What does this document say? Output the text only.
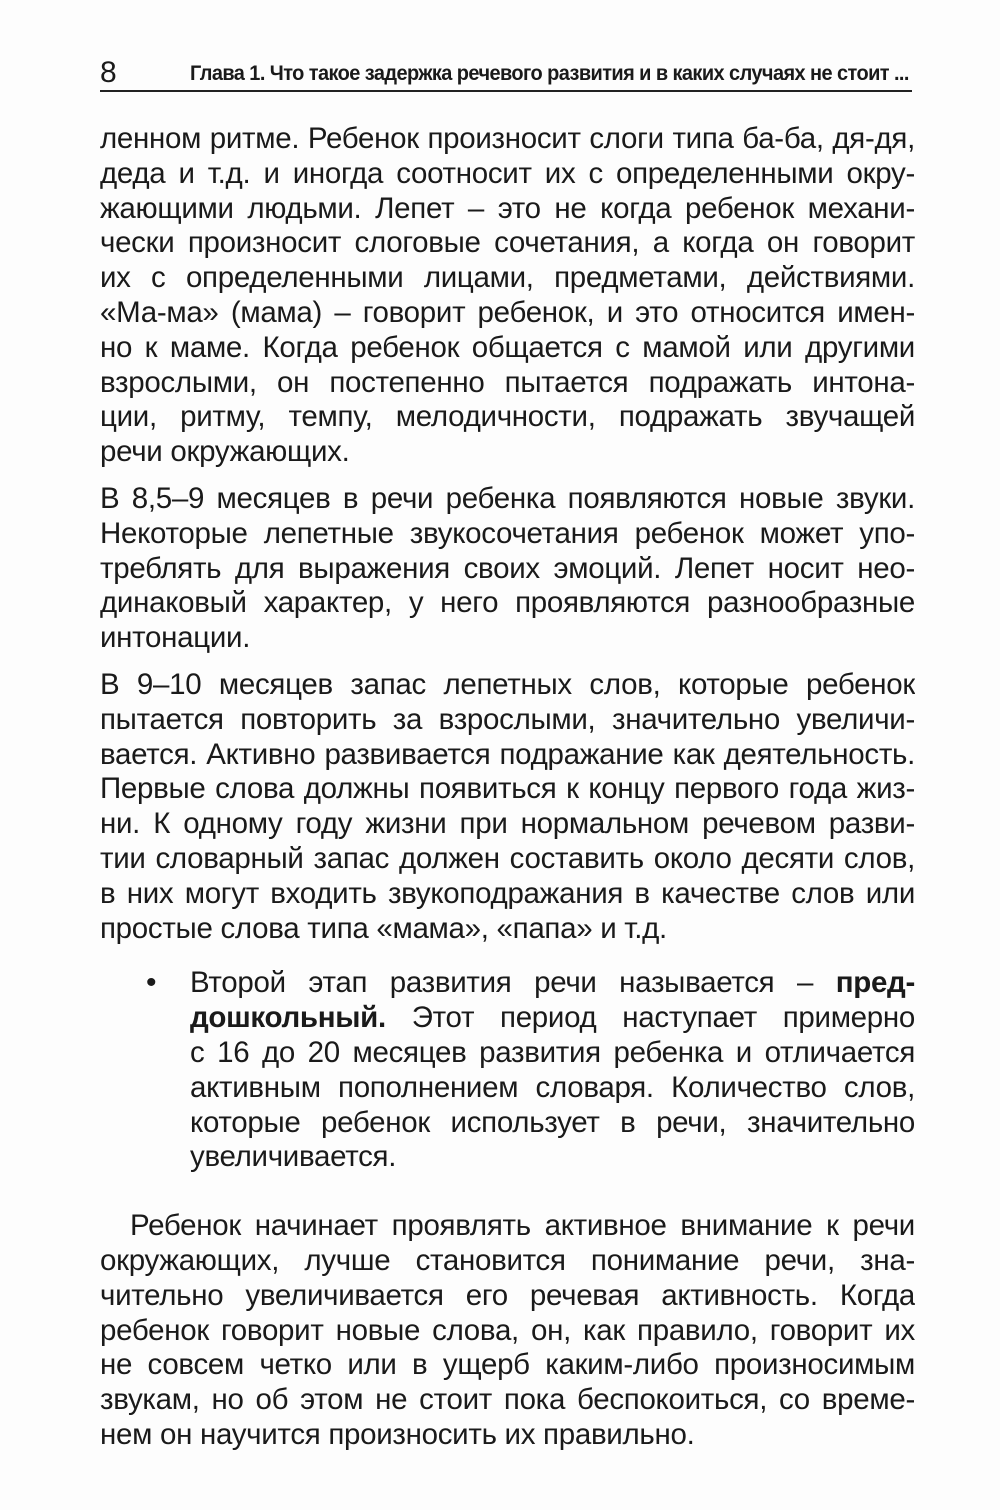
8	Глава 1. Что такое задержка речевого развития и в каких случаях не стоит ...
ленном ритме. Ребенок произносит слоги типа ба-ба, дя-дя,
деда и т.д. и иногда соотносит их с определенными окру-
жающими людьми. Лепет – это не когда ребенок механи-
чески произносит слоговые сочетания, а когда он говорит
их с определенными лицами, предметами, действиями.
«Ма-ма» (мама) – говорит ребенок, и это относится имен-
но к маме. Когда ребенок общается с мамой или другими
взрослыми, он постепенно пытается подражать интона-
ции, ритму, темпу, мелодичности, подражать звучащей
речи окружающих.
В 8,5–9 месяцев в речи ребенка появляются новые звуки.
Некоторые лепетные звукосочетания ребенок может упо-
треблять для выражения своих эмоций. Лепет носит нео-
динаковый характер, у него проявляются разнообразные
интонации.
В 9–10 месяцев запас лепетных слов, которые ребенок
пытается повторить за взрослыми, значительно увеличи-
вается. Активно развивается подражание как деятельность.
Первые слова должны появиться к концу первого года жиз-
ни. К одному году жизни при нормальном речевом разви-
тии словарный запас должен составить около десяти слов,
в них могут входить звукоподражания в качестве слов или
простые слова типа «мама», «папа» и т.д.
• Второй этап развития речи называется – пред-
дошкольный. Этот период наступает примерно
с 16 до 20 месяцев развития ребенка и отличается
активным пополнением словаря. Количество слов,
которые ребенок использует в речи, значительно
увеличивается.
Ребенок начинает проявлять активное внимание к речи
окружающих, лучше становится понимание речи, зна-
чительно увеличивается его речевая активность. Когда
ребенок говорит новые слова, он, как правило, говорит их
не совсем четко или в ущерб каким-либо произносимым
звукам, но об этом не стоит пока беспокоиться, со време-
нем он научится произносить их правильно.
